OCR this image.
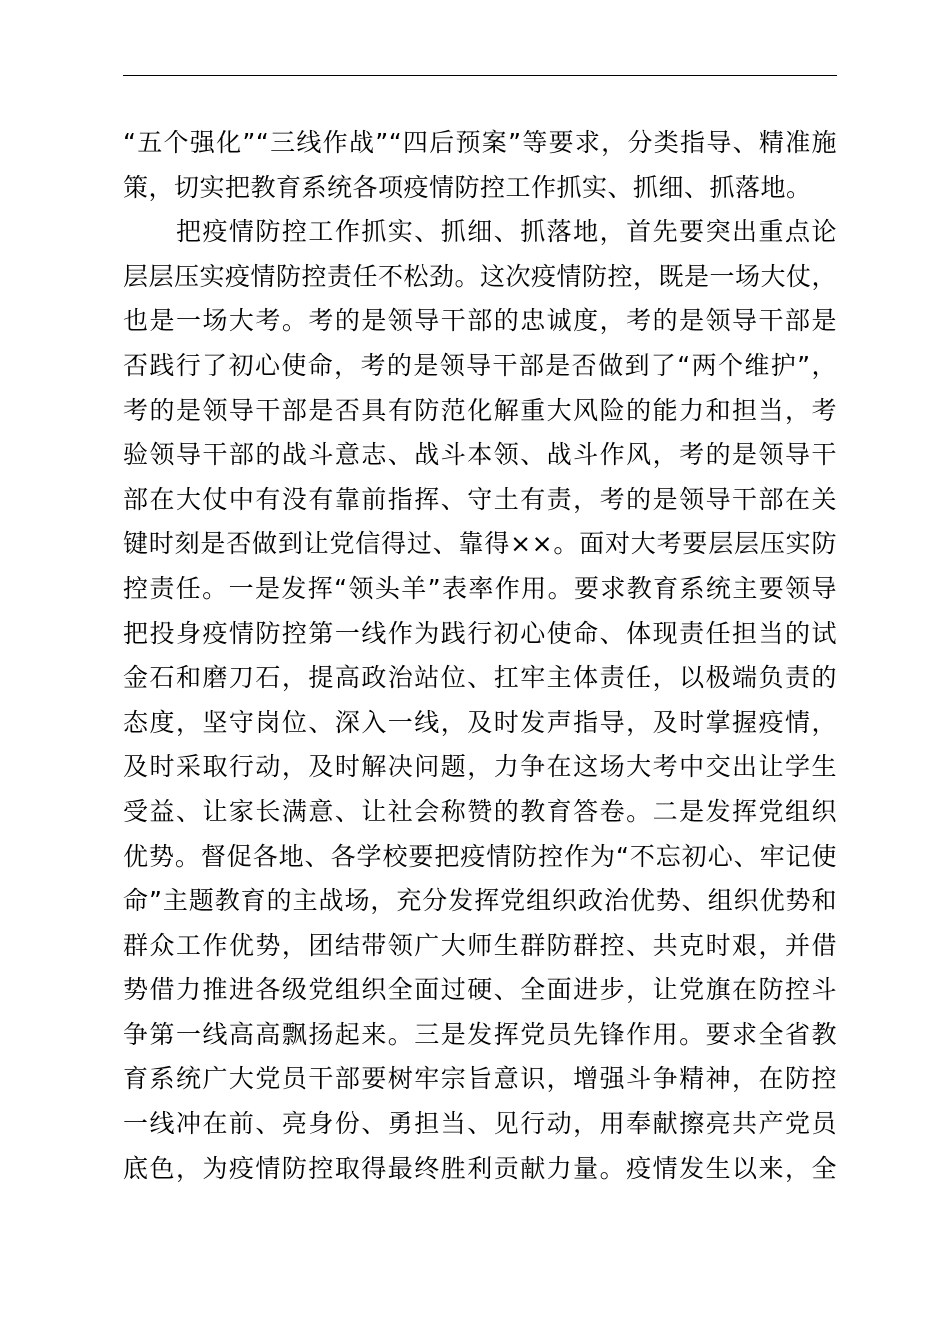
“五个强化”“三线作战”“四后预案”等要求，分类指导、精准施
策，切实把教育系统各项疫情防控工作抓实、抓细、抓落地。
　　把疫情防控工作抓实、抓细、抓落地，首先要突出重点论
层层压实疫情防控责任不松劲。这次疫情防控，既是一场大仗，
也是一场大考。考的是领导干部的忠诚度，考的是领导干部是
否践行了初心使命，考的是领导干部是否做到了“两个维护”，
考的是领导干部是否具有防范化解重大风险的能力和担当，考
验领导干部的战斗意志、战斗本领、战斗作风，考的是领导干
部在大仗中有没有靠前指挥、守土有责，考的是领导干部在关
键时刻是否做到让党信得过、靠得××。面对大考要层层压实防
控责任。一是发挥“领头羊”表率作用。要求教育系统主要领导
把投身疫情防控第一线作为践行初心使命、体现责任担当的试
金石和磨刀石，提高政治站位、扛牢主体责任，以极端负责的
态度，坚守岗位、深入一线，及时发声指导，及时掌握疫情，
及时采取行动，及时解决问题，力争在这场大考中交出让学生
受益、让家长满意、让社会称赞的教育答卷。二是发挥党组织
优势。督促各地、各学校要把疫情防控作为“不忘初心、牢记使
命”主题教育的主战场，充分发挥党组织政治优势、组织优势和
群众工作优势，团结带领广大师生群防群控、共克时艰，并借
势借力推进各级党组织全面过硬、全面进步，让党旗在防控斗
争第一线高高飘扬起来。三是发挥党员先锋作用。要求全省教
育系统广大党员干部要树牢宗旨意识，增强斗争精神，在防控
一线冲在前、亮身份、勇担当、见行动，用奉献擦亮共产党员
底色，为疫情防控取得最终胜利贡献力量。疫情发生以来，全
